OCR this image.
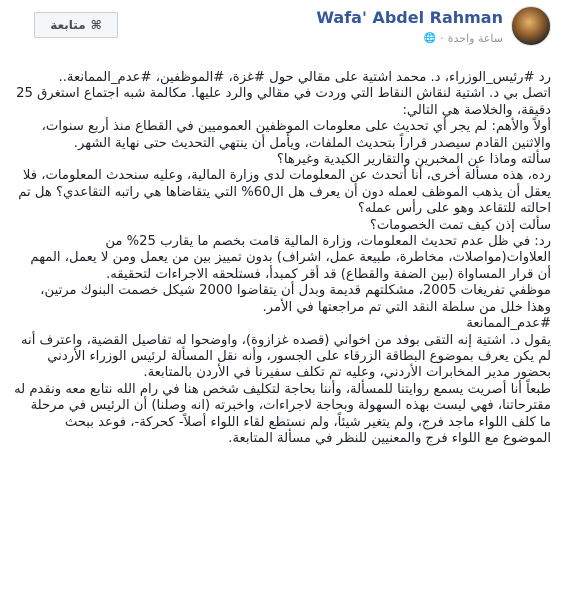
متابعة ⌘	Wafa' Abdel Rahman
ساعة واحدة
·
🌐

رد #رئيس_الوزراء، د. محمد اشتية على مقالي حول #غزة، #الموظفين، #عدم_الممانعة..

اتصل بي د. اشتية لنقاش النقاط التي وردت في مقالي والرد عليها. مكالمة شبه اجتماع استغرق 25

دقيقة، والخلاصة هي التالي:

أولاً والأهم: لم يجر أي تحديث على معلومات الموظفين العموميين في القطاع منذ أربع سنوات،

والاثنين القادم سيصدر قراراً بتحديث الملفات، ويأمل أن ينتهي التحديث حتى نهاية الشهر.

سألته وماذا عن المخبرين والتقارير الكيدية وغيرها؟

رده، هذه مسألة أخرى، أنا أتحدث عن المعلومات لدى وزارة المالية، وعليه سنحدث المعلومات، فلا

يعقل أن يذهب الموظف لعمله دون أن يعرف هل ال60% التي يتقاضاها هي راتبه التقاعدي؟ هل تم

احالته للتقاعد وهو على رأس عمله؟

سألت إذن كيف تمت الخصومات؟

رد: في ظل عدم تحديث المعلومات، وزارة المالية قامت بخصم ما يقارب 25% من

العلاوات(مواصلات، مخاطرة، طبيعة عمل، اشراف) بدون تمييز بين من يعمل ومن لا يعمل، المهم

أن قرار المساواة (بين الضفة والقطاع) قد أقر كمبدأ، فستلحقه الاجراءات لتحقيقه.

موظفي تفريغات 2005، مشكلتهم قديمة وبدل أن يتقاضوا 2000 شيكل خصمت البنوك مرتين،

وهذا خلل من سلطة النقد التي تم مراجعتها في الأمر.

#عدم_الممانعة

يقول د. اشتية إنه التقى بوفد من اخواني (قصده غزازوة)، واوضحوا له تفاصيل القضية، واعترف أنه

لم يكن يعرف بموضوع البطاقة الزرقاء على الجسور، وأنه نقل المسألة لرئيس الوزراء الأردني

بحضور مدير المخابرات الأردني، وعليه تم تكلف سفيرنا في الأردن بالمتابعة.

طبعاً أنا أصريت يسمع روايتنا للمسألة، وأننا بحاجة لتكليف شخص هنا في رام الله نتابع معه ونقدم له

مقترحاتنا، فهي ليست بهذه السهولة وبحاجة لاجراءات، واخبرته (انه وصلنا) أن الرئيس في مرحلة

ما كلف اللواء ماجد فرج، ولم يتغير شيئاً، ولم نستطع لقاء اللواء أصلاً- كحركة-، فوعد ببحث

الموضوع مع اللواء فرج والمعنيين للنظر في مسألة المتابعة.
